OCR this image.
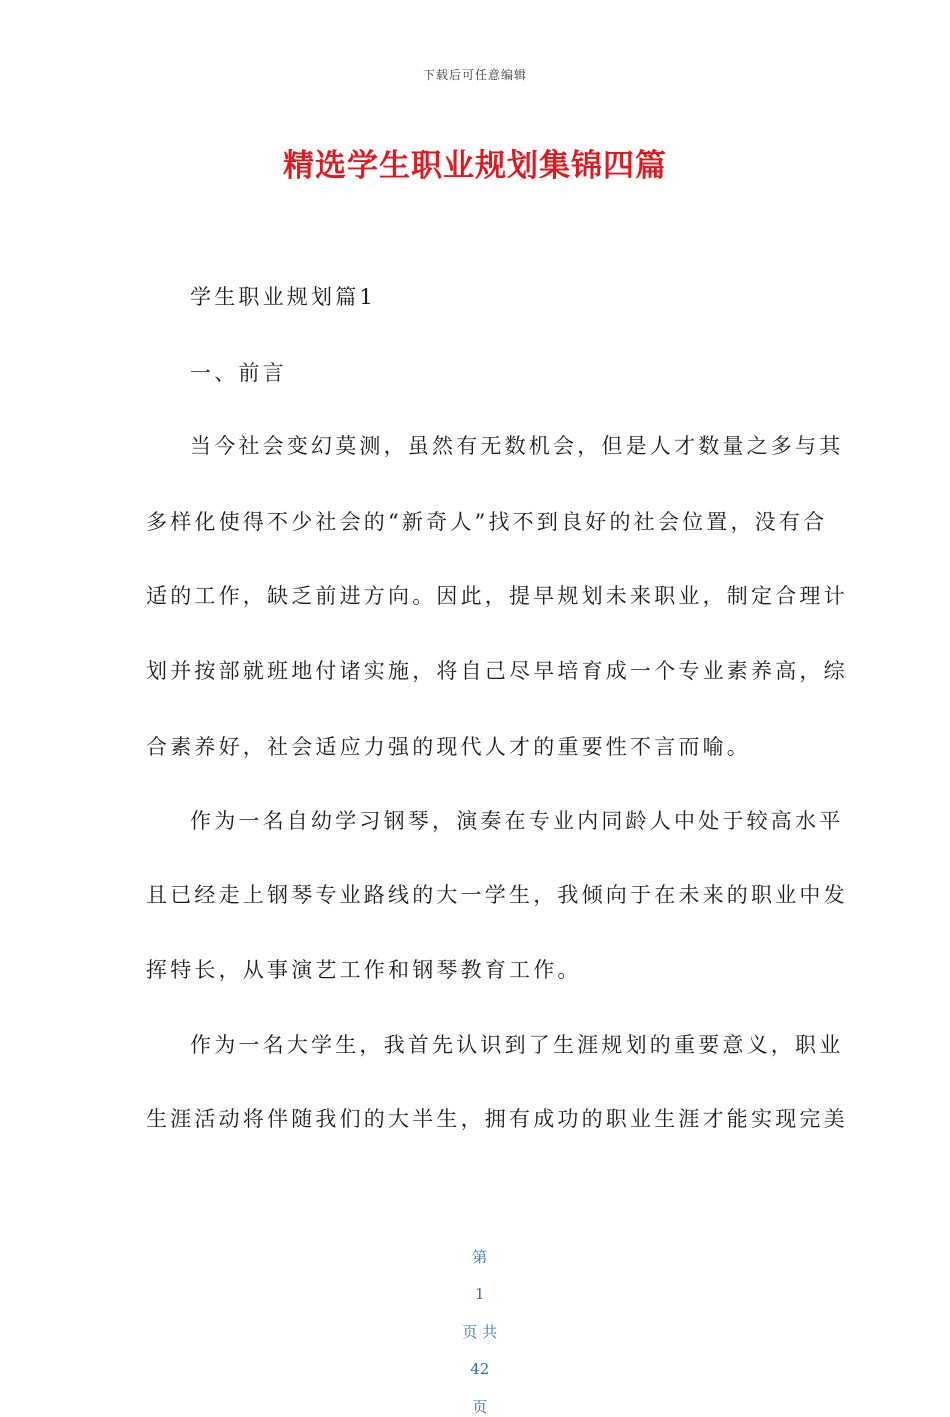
下载后可任意编辑
精选学生职业规划集锦四篇
学生职业规划篇1
一、前言
当今社会变幻莫测，虽然有无数机会，但是人才数量之多与其
多样化使得不少社会的“新奇人”找不到良好的社会位置，没有合
适的工作，缺乏前进方向。因此，提早规划未来职业，制定合理计
划并按部就班地付诸实施，将自己尽早培育成一个专业素养高，综
合素养好，社会适应力强的现代人才的重要性不言而喻。
作为一名自幼学习钢琴，演奏在专业内同龄人中处于较高水平
且已经走上钢琴专业路线的大一学生，我倾向于在未来的职业中发
挥特长，从事演艺工作和钢琴教育工作。
作为一名大学生，我首先认识到了生涯规划的重要意义，职业
生涯活动将伴随我们的大半生，拥有成功的职业生涯才能实现完美

第

1

页 共

42

页
